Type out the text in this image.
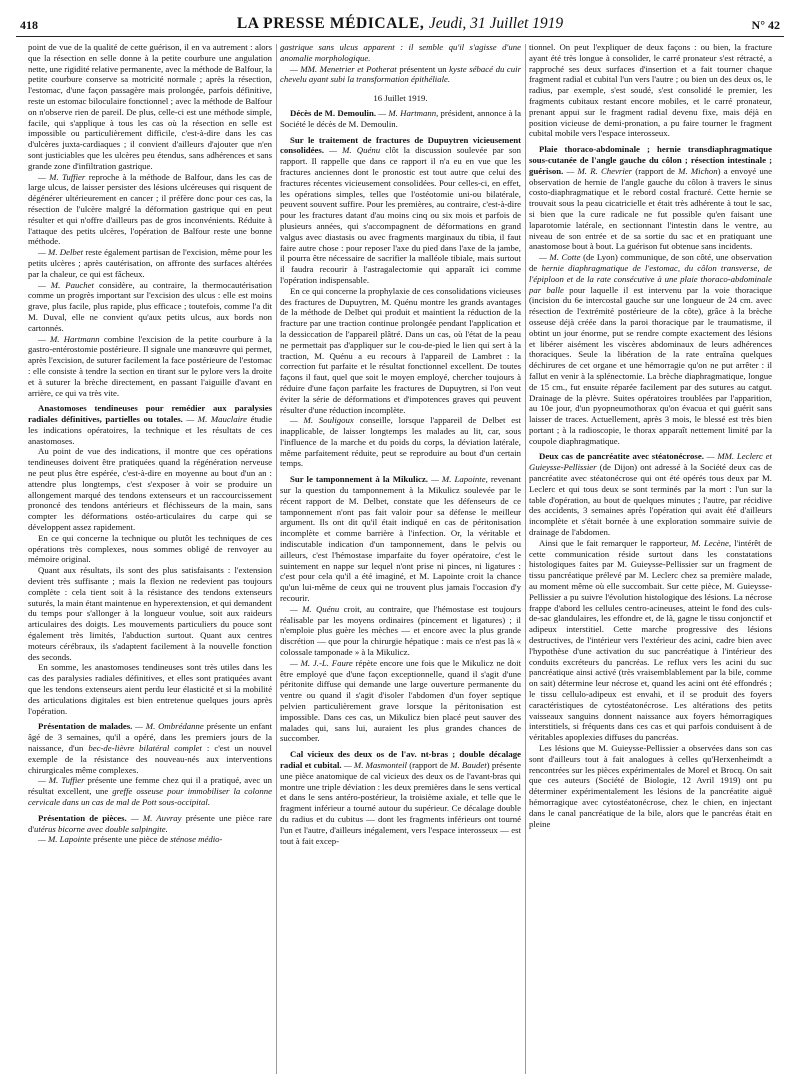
418	LA PRESSE MÉDICALE, Jeudi, 31 Juillet 1919	N° 42

point de vue de la qualité de cette guérison, il en va autrement : alors que la résection en selle donne à la petite courbure une angulation nette, une rigidité relative permanente, avec la méthode de Balfour, la petite courbure conserve sa motricité normale ; après la résection, l'estomac, d'une façon passagère mais prolongée, parfois définitive, reste un estomac biloculaire fonctionnel ; avec la méthode de Balfour on n'observe rien de pareil. De plus, celle-ci est une méthode simple, facile, qui s'applique à tous les cas où la résection en selle est impossible ou particulièrement difficile, c'est-à-dire dans les cas d'ulcères juxta-cardiaques ; il convient d'ailleurs d'ajouter que n'en sont justiciables que les ulcères peu étendus, sans adhérences et sans grande zone d'infiltration gastrique.

— M. Tuffier reproche à la méthode de Balfour, dans les cas de large ulcus, de laisser persister des lésions ulcéreuses qui risquent de dégénérer ultérieurement en cancer ; il préfère donc pour ces cas, la résection de l'ulcère malgré la déformation gastrique qui en peut résulter et qui n'offre d'ailleurs pas de gros inconvénients. Réduite à l'attaque des petits ulcères, l'opération de Balfour reste une bonne méthode.

— M. Delbet reste également partisan de l'excision, même pour les petits ulcères ; après cautérisation, on affronte des surfaces altérées par la chaleur, ce qui est fâcheux.

— M. Pauchet considère, au contraire, la thermocautérisation comme un progrès important sur l'excision des ulcus : elle est moins grave, plus facile, plus rapide, plus efficace ; toutefois, comme l'a dit M. Duval, elle ne convient qu'aux petits ulcus, aux bords non cartonnés.

— M. Hartmann combine l'excision de la petite courbure à la gastro-entérostomie postérieure. Il signale une manœuvre qui permet, après l'excision, de suturer facilement la face postérieure de l'estomac : elle consiste à tendre la section en tirant sur le pylore vers la droite et à suturer la brèche directement, en passant l'aiguille d'avant en arrière, ce qui va très vite.

Anastomoses tendineuses pour remédier aux paralysies radiales définitives, partielles ou totales. — M. Mauclaire étudie les indications opératoires, la technique et les résultats de ces anastomoses.

Au point de vue des indications, il montre que ces opérations tendineuses doivent être pratiquées quand la régénération nerveuse ne peut plus être espérée, c'est-à-dire en moyenne au bout d'un an : attendre plus longtemps, c'est s'exposer à voir se produire un allongement marqué des tendons extenseurs et un raccourcissement prononcé des tendons antérieurs et fléchisseurs de la main, sans compter les déformations ostéo-articulaires du carpe qui se développent assez rapidement.

En ce qui concerne la technique ou plutôt les techniques de ces opérations très complexes, nous sommes obligé de renvoyer au mémoire original.

Quant aux résultats, ils sont des plus satisfaisants : l'extension devient très suffisante ; mais la flexion ne redevient pas toujours complète : cela tient soit à la résistance des tendons extenseurs suturés, la main étant maintenue en hyperextension, et qui demandent du temps pour s'allonger à la longueur voulue, soit aux raideurs articulaires des doigts. Les mouvements particuliers du pouce sont également très limités, l'abduction surtout. Quant aux centres moteurs cérébraux, ils s'adaptent facilement à la nouvelle fonction des seconds.

En somme, les anastomoses tendineuses sont très utiles dans les cas des paralysies radiales définitives, et elles sont pratiquées avant que les tendons extenseurs aient perdu leur élasticité et si la mobilité des articulations digitales est bien entretenue quelques jours après l'opération.

Présentation de malades. — M. Ombrédanne présente un enfant âgé de 3 semaines, qu'il a opéré, dans les premiers jours de la naissance, d'un bec-de-lièvre bilatéral complet : c'est un nouvel exemple de la résistance des nouveau-nés aux interventions chirurgicales même complexes.

— M. Tuffier présente une femme chez qui il a pratiqué, avec un résultat excellent, une greffe osseuse pour immobiliser la colonne cervicale dans un cas de mal de Pott sous-occipital.

Présentation de pièces. — M. Auvray présente une pièce rare d'utérus bicorne avec double salpingite.

— M. Lapointe présente une pièce de sténose médio-

gastrique sans ulcus apparent : il semble qu'il s'agisse d'une anomalie morphologique.

— MM. Menetrier et Potherat présentent un kyste sébacé du cuir chevelu ayant subi la transformation épithéliale.

16 Juillet 1919.

Décès de M. Demoulin. — M. Hartmann, président, annonce à la Société le décès de M. Demoulin.

Sur le traitement de fractures de Dupuytren vicieusement consolidées. — M. Quénu clôt la discussion soulevée par son rapport. Il rappelle que dans ce rapport il n'a eu en vue que les fractures anciennes dont le pronostic est tout autre que celui des fractures récentes vicieusement consolidées. Pour celles-ci, en effet, les opérations simples, telles que l'ostéotomie uni-ou bilatérale, peuvent souvent suffire. Pour les premières, au contraire, c'est-à-dire pour les fractures datant d'au moins cinq ou six mois et parfois de plusieurs années, qui s'accompagnent de déformations en grand valgus avec diastasis ou avec fragments marginaux du tibia, il faut faire autre chose : pour reposer l'axe du pied dans l'axe de la jambe, il pourra être nécessaire de sacrifier la malléole tibiale, mais surtout il faudra recourir à l'astragalectomie qui apparaît ici comme l'opération indispensable.

En ce qui concerne la prophylaxie de ces consolidations vicieuses des fractures de Dupuytren, M. Quénu montre les grands avantages de la méthode de Delbet qui produit et maintient la réduction de la fracture par une traction continue prolongée pendant l'application et la dessiccation de l'appareil plâtré. Dans un cas, où l'état de la peau ne permettait pas d'appliquer sur le cou-de-pied le lien qui sert à la traction, M. Quénu a eu recours à l'appareil de Lambret : la correction fut parfaite et le résultat fonctionnel excellent. De toutes façons il faut, quel que soit le moyen employé, chercher toujours à réduire d'une façon parfaite les fractures de Dupuytren, si l'on veut éviter la série de déformations et d'impotences graves qui peuvent résulter d'une réduction incomplète.

— M. Souligoux conseille, lorsque l'appareil de Delbet est inapplicable, de laisser longtemps les malades au lit, car, sous l'influence de la marche et du poids du corps, la déviation latérale, même parfaitement réduite, peut se reproduire au bout d'un certain temps.

Sur le tamponnement à la Mikulicz. — M. Lapointe, revenant sur la question du tamponnement à la Mikulicz soulevée par le récent rapport de M. Delbet, constate que les défenseurs de ce tamponnement n'ont pas fait valoir pour sa défense le meilleur argument. Ils ont dit qu'il était indiqué en cas de péritonisation incomplète et comme barrière à l'infection. Or, la véritable et indiscutable indication d'un tamponnement, dans le pelvis ou ailleurs, c'est l'hémostase imparfaite du foyer opératoire, c'est le suintement en nappe sur lequel n'ont prise ni pinces, ni ligatures : c'est pour cela qu'il a été imaginé, et M. Lapointe croit la chance qu'un lui-même de ceux qui ne trouvent plus jamais l'occasion d'y recourir.

— M. Quénu croit, au contraire, que l'hémostase est toujours réalisable par les moyens ordinaires (pincement et ligatures) ; il n'emploie plus guère les mèches — et encore avec la plus grande discrétion — que pour la chirurgie hépatique : mais ce n'est pas là « colossale tamponade » à la Mikulicz.

— M. J.-L. Faure répète encore une fois que le Mikulicz ne doit être employé que d'une façon exceptionnelle, quand il s'agit d'une péritonite diffuse qui demande une large ouverture permanente du ventre ou quand il s'agit d'isoler l'abdomen d'un foyer septique pelvien particulièrement grave lorsque la péritonisation est impossible. Dans ces cas, un Mikulicz bien placé peut sauver des malades qui, sans lui, auraient les plus grandes chances de succomber.

Cal vicieux des deux os de l'av. nt-bras ; double décalage radial et cubital. — M. Masmonteil (rapport de M. Baudet) présente une pièce anatomique de cal vicieux des deux os de l'avant-bras qui montre une triple déviation : les deux premières dans le sens vertical et dans le sens antéro-postérieur, la troisième axiale, et telle que le fragment inférieur a tourné autour du supérieur. Ce décalage double du radius et du cubitus — dont les fragments inférieurs ont tourné l'un et l'autre, d'ailleurs inégalement, vers l'espace interosseux — est tout à fait excep-

tionnel. On peut l'expliquer de deux façons : ou bien, la fracture ayant été très longue à consolider, le carré pronateur s'est rétracté, a rapproché ses deux surfaces d'insertion et a fait tourner chaque fragment radial et cubital l'un vers l'autre ; ou bien un des deux os, le radius, par exemple, s'est soudé, s'est consolidé le premier, les fragments cubitaux restant encore mobiles, et le carré pronateur, prenant appui sur le fragment radial devenu fixe, mais déjà en position vicieuse de demi-pronation, a pu faire tourner le fragment cubital mobile vers l'espace interosseux.

Plaie thoraco-abdominale ; hernie transdiaphragmatique sous-cutanée de l'angle gauche du côlon ; résection intestinale ; guérison. — M. R. Chevrier (rapport de M. Michon) a envoyé une observation de hernie de l'angle gauche du côlon à travers le sinus costo-diaphragmatique et le rebord costal fracturé. Cette hernie se trouvait sous la peau cicatricielle et était très adhérente à tout le sac, si bien que la cure radicale ne fut possible qu'en faisant une laparotomie latérale, en sectionnant l'intestin dans le ventre, au niveau de son entrée et de sa sortie du sac et en pratiquant une anastomose bout à bout. La guérison fut obtenue sans incidents.

— M. Cotte (de Lyon) communique, de son côté, une observation de hernie diaphragmatique de l'estomac, du côlon transverse, de l'épiploon et de la rate consécutive à une plaie thoraco-abdominale par balle pour laquelle il est intervenu par la voie thoracique (incision du 6e intercostal gauche sur une longueur de 24 cm. avec résection de l'extrémité postérieure de la côte), grâce à la brèche osseuse déjà créée dans la paroi thoracique par le traumatisme, il obtint un jour énorme, put se rendre compte exactement des lésions et libérer aisément les viscères abdominaux de leurs adhérences thoraciques. Seule la libération de la rate entraîna quelques déchirures de cet organe et une hémorragie qu'on ne put arrêter : il fallut en venir à la splénectomie. La brèche diaphragmatique, longue de 15 cm., fut ensuite réparée facilement par des sutures au catgut. Drainage de la plèvre. Suites opératoires troublées par l'apparition, au 10e jour, d'un pyopneumothorax qu'on évacua et qui guérit sans laisser de traces. Actuellement, après 3 mois, le blessé est très bien portant ; à la radioscopie, le thorax apparaît nettement limité par la coupole diaphragmatique.

Deux cas de pancréatite avec stéatonécrose. — MM. Leclerc et Guieysse-Pellissier (de Dijon) ont adressé à la Société deux cas de pancréatite avec stéatonécrose qui ont été opérés tous deux par M. Leclerc et qui tous deux se sont terminés par la mort : l'un sur la table d'opération, au bout de quelques minutes ; l'autre, par récidive des accidents, 3 semaines après l'opération qui avait été d'ailleurs incomplète et s'était bornée à une exploration sommaire suivie de drainage de l'abdomen.

Ainsi que le fait remarquer le rapporteur, M. Lecène, l'intérêt de cette communication réside surtout dans les constatations histologiques faites par M. Guieysse-Pellissier sur un fragment de tissu pancréatique prélevé par M. Leclerc chez sa première malade, au moment même où elle succombait. Sur cette pièce, M. Guieysse-Pellissier a pu suivre l'évolution histologique des lésions. La nécrose frappe d'abord les cellules centro-acineuses, atteint le fond des culs-de-sac glandulaires, les effondre et, de là, gagne le tissu conjonctif et adipeux interstitiel. Cette marche progressive des lésions destructives, de l'intérieur vers l'extérieur des acini, cadre bien avec l'hypothèse d'une activation du suc pancréatique à l'intérieur des conduits excréteurs du pancréas. Le reflux vers les acini du suc pancréatique ainsi activé (très vraisemblablement par la bile, comme on sait) détermine leur nécrose et, quand les acini ont été effondrés ; le tissu cellulo-adipeux est envahi, et il se produit des foyers caractéristiques de cytostéatonécrose. Les altérations des petits vaisseaux sanguins donnent naissance aux foyers hémorragiques interstitiels, si fréquents dans ces cas et qui parfois conduisent à de véritables apoplexies diffuses du pancréas.

Les lésions que M. Guieysse-Pellissier a observées dans son cas sont d'ailleurs tout à fait analogues à celles qu'Herxenheimdt a rencontrées sur les pièces expérimentales de Morel et Brocq. On sait que ces auteurs (Société de Biologie, 12 Avril 1919) ont pu déterminer expérimentalement les lésions de la pancréatite aiguë hémorragique avec cytostéatonécrose, chez le chien, en injectant dans le canal pancréatique de la bile, alors que le pancréas était en pleine
